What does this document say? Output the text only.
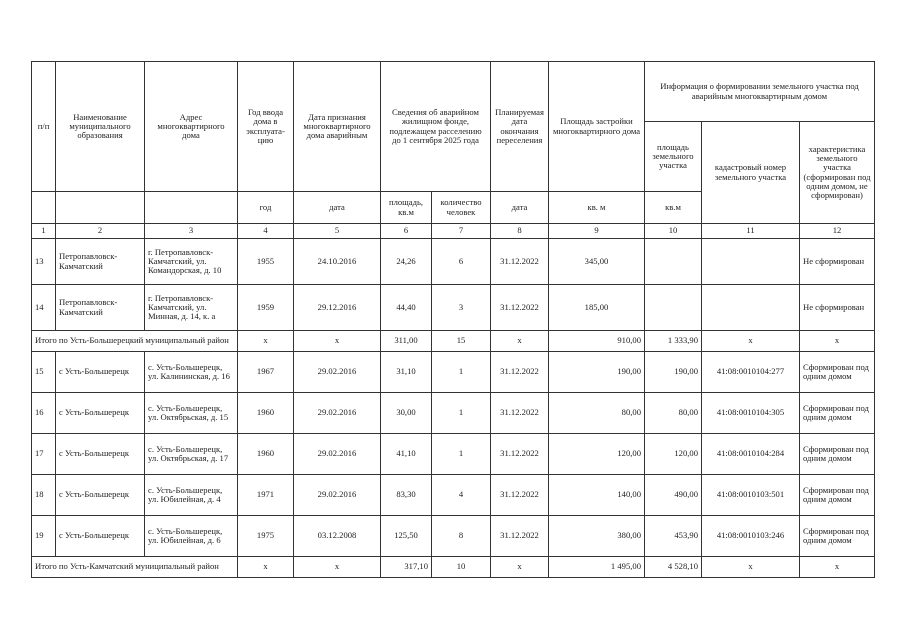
п/п	Наименование муниципального образования	Адрес многоквартирного дома	Год ввода дома в эксплуата-цию	Дата признания многоквартирного дома аварийным	Сведения об аварийном жилищном фонде, подлежащем расселению до 1 сентября 2025 года		Планируемая дата окончания переселения	Площадь застройки многоквартирного дома	Информация о формировании земельного участка под аварийным многоквартирным домом		
									площадь земельного участка	кадастровый номер земельного участка	характеристика земельного участка (сформирован под одним домом, не сформирован)
			год	дата	площадь, кв.м	количество человек	дата	кв. м	кв.м		
1	2	3	4	5	6	7	8	9	10	11	12
13	Петропавловск-Камчатский	г. Петропавловск-Камчатский, ул. Командорская, д. 10	1955	24.10.2016	24,26	6	31.12.2022	345,00			Не сформирован
14	Петропавловск-Камчатский	г. Петропавловск-Камчатский, ул. Минная, д. 14, к. а	1959	29.12.2016	44,40	3	31.12.2022	185,00			Не сформирован
Итого по Усть-Большерецкий муниципальный район			x	x	311,00	15	x	910,00	1 333,90	x	x
15	с Усть-Большерецк	с. Усть-Большерецк, ул. Калининская, д. 16	1967	29.02.2016	31,10	1	31.12.2022	190,00	190,00	41:08:0010104:277	Сформирован под одним домом
16	с Усть-Большерецк	с. Усть-Большерецк, ул. Октябрьская, д. 15	1960	29.02.2016	30,00	1	31.12.2022	80,00	80,00	41:08:0010104:305	Сформирован под одним домом
17	с Усть-Большерецк	с. Усть-Большерецк, ул. Октябрьская, д. 17	1960	29.02.2016	41,10	1	31.12.2022	120,00	120,00	41:08:0010104:284	Сформирован под одним домом
18	с Усть-Большерецк	с. Усть-Большерецк, ул. Юбилейная, д. 4	1971	29.02.2016	83,30	4	31.12.2022	140,00	490,00	41:08:0010103:501	Сформирован под одним домом
19	с Усть-Большерецк	с. Усть-Большерецк, ул. Юбилейная, д. 6	1975	03.12.2008	125,50	8	31.12.2022	380,00	453,90	41:08:0010103:246	Сформирован под одним домом
Итого по Усть-Камчатский муниципальный район			x	x	317,10	10	x	1 495,00	4 528,10	x	x
